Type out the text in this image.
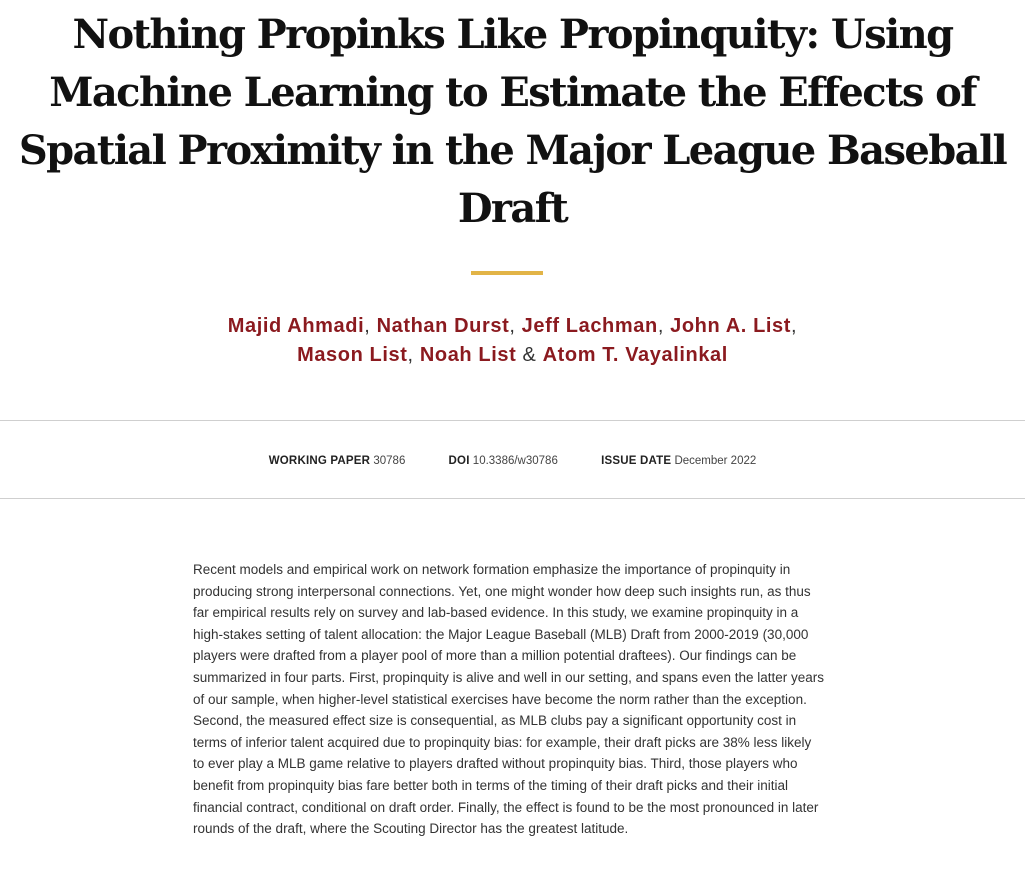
Nothing Propinks Like Propinquity: Using Machine Learning to Estimate the Effects of Spatial Proximity in the Major League Baseball Draft
Majid Ahmadi, Nathan Durst, Jeff Lachman, John A. List,
Mason List, Noah List & Atom T. Vayalinkal
WORKING PAPER 30786	DOI 10.3386/w30786	ISSUE DATE December 2022

Recent models and empirical work on network formation emphasize the importance of propinquity in producing strong interpersonal connections. Yet, one might wonder how deep such insights run, as thus far empirical results rely on survey and lab-based evidence. In this study, we examine propinquity in a high-stakes setting of talent allocation: the Major League Baseball (MLB) Draft from 2000-2019 (30,000 players were drafted from a player pool of more than a million potential draftees). Our findings can be summarized in four parts. First, propinquity is alive and well in our setting, and spans even the latter years of our sample, when higher-level statistical exercises have become the norm rather than the exception. Second, the measured effect size is consequential, as MLB clubs pay a significant opportunity cost in terms of inferior talent acquired due to propinquity bias: for example, their draft picks are 38% less likely to ever play a MLB game relative to players drafted without propinquity bias. Third, those players who benefit from propinquity bias fare better both in terms of the timing of their draft picks and their initial financial contract, conditional on draft order. Finally, the effect is found to be the most pronounced in later rounds of the draft, where the Scouting Director has the greatest latitude.
